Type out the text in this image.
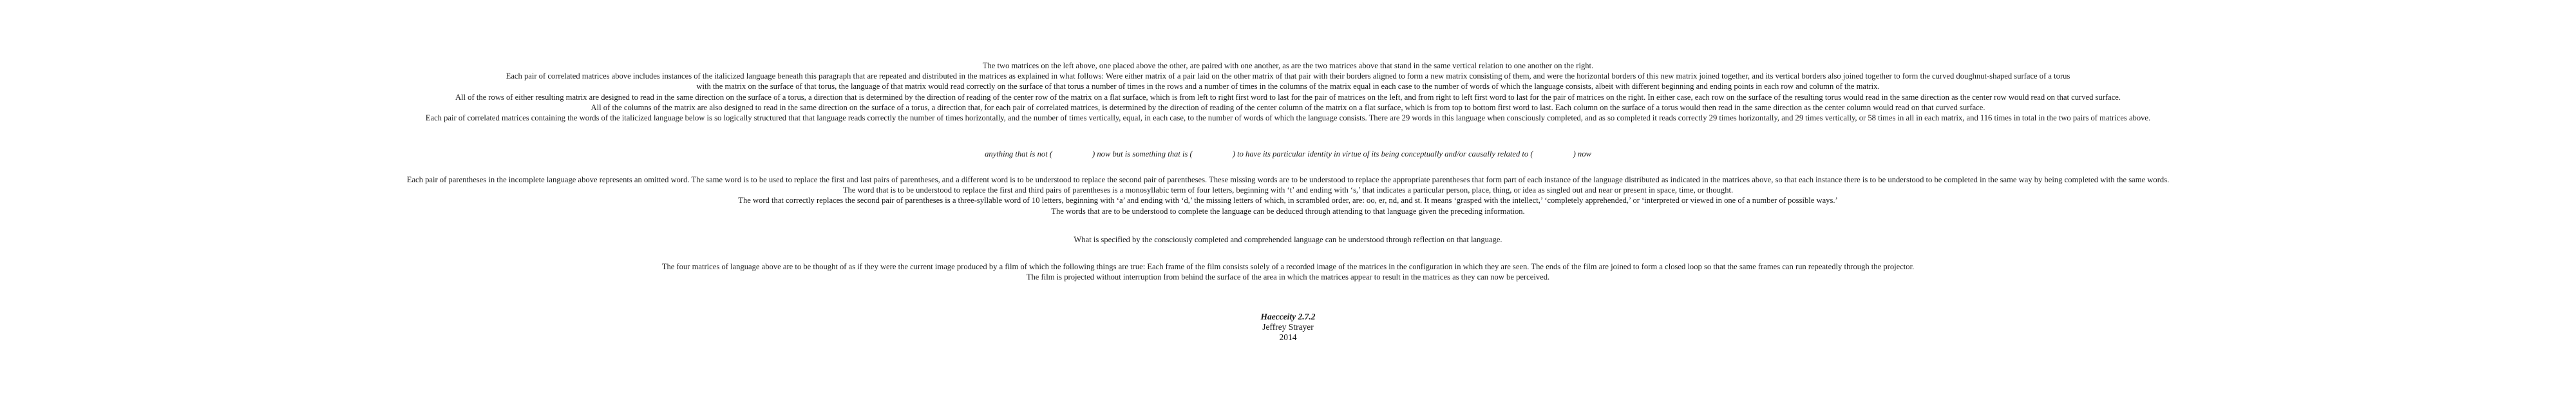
The two matrices on the left above, one placed above the other, are paired with one another, as are the two matrices above that stand in the same vertical relation to one another on the right.
Each pair of correlated matrices above includes instances of the italicized language beneath this paragraph that are repeated and distributed in the matrices as explained in what follows: Were either matrix of a pair laid on the other matrix of that pair with their borders aligned to form a new matrix consisting of them, and were the horizontal borders of this new matrix joined together, and its vertical borders also joined together to form the curved doughnut-shaped surface of a torus
with the matrix on the surface of that torus, the language of that matrix would read correctly on the surface of that torus a number of times in the rows and a number of times in the columns of the matrix equal in each case to the number of words of which the language consists, albeit with different beginning and ending points in each row and column of the matrix.
All of the rows of either resulting matrix are designed to read in the same direction on the surface of a torus, a direction that is determined by the direction of reading of the center row of the matrix on a flat surface, which is from left to right first word to last for the pair of matrices on the left, and from right to left first word to last for the pair of matrices on the right. In either case, each row on the surface of the resulting torus would read in the same direction as the center row would read on that curved surface.
All of the columns of the matrix are also designed to read in the same direction on the surface of a torus, a direction that, for each pair of correlated matrices, is determined by the direction of reading of the center column of the matrix on a flat surface, which is from top to bottom first word to last. Each column on the surface of a torus would then read in the same direction as the center column would read on that curved surface.
Each pair of correlated matrices containing the words of the italicized language below is so logically structured that that language reads correctly the number of times horizontally, and the number of times vertically, equal, in each case, to the number of words of which the language consists. There are 29 words in this language when consciously completed, and as so completed it reads correctly 29 times horizontally, and 29 times vertically, or 58 times in all in each matrix, and 116 times in total in the two pairs of matrices above.
anything that is not (	) now but is something that is (	) to have its particular identity in virtue of its being conceptually and/or causally related to (	) now
Each pair of parentheses in the incomplete language above represents an omitted word. The same word is to be used to replace the first and last pairs of parentheses, and a different word is to be understood to replace the second pair of parentheses. These missing words are to be understood to replace the appropriate parentheses that form part of each instance of the language distributed as indicated in the matrices above, so that each instance there is to be understood to be completed in the same way by being completed with the same words.
The word that is to be understood to replace the first and third pairs of parentheses is a monosyllabic term of four letters, beginning with ‘t’ and ending with ‘s,’ that indicates a particular person, place, thing, or idea as singled out and near or present in space, time, or thought.
The word that correctly replaces the second pair of parentheses is a three-syllable word of 10 letters, beginning with ‘a’ and ending with ‘d,’ the missing letters of which, in scrambled order, are: oo, er, nd, and st. It means ‘grasped with the intellect,’ ‘completely apprehended,’ or ‘interpreted or viewed in one of a number of possible ways.’
The words that are to be understood to complete the language can be deduced through attending to that language given the preceding information.
What is specified by the consciously completed and comprehended language can be understood through reflection on that language.
The four matrices of language above are to be thought of as if they were the current image produced by a film of which the following things are true: Each frame of the film consists solely of a recorded image of the matrices in the configuration in which they are seen. The ends of the film are joined to form a closed loop so that the same frames can run repeatedly through the projector.
The film is projected without interruption from behind the surface of the area in which the matrices appear to result in the matrices as they can now be perceived.
Haecceity 2.7.2
Jeffrey Strayer
2014
